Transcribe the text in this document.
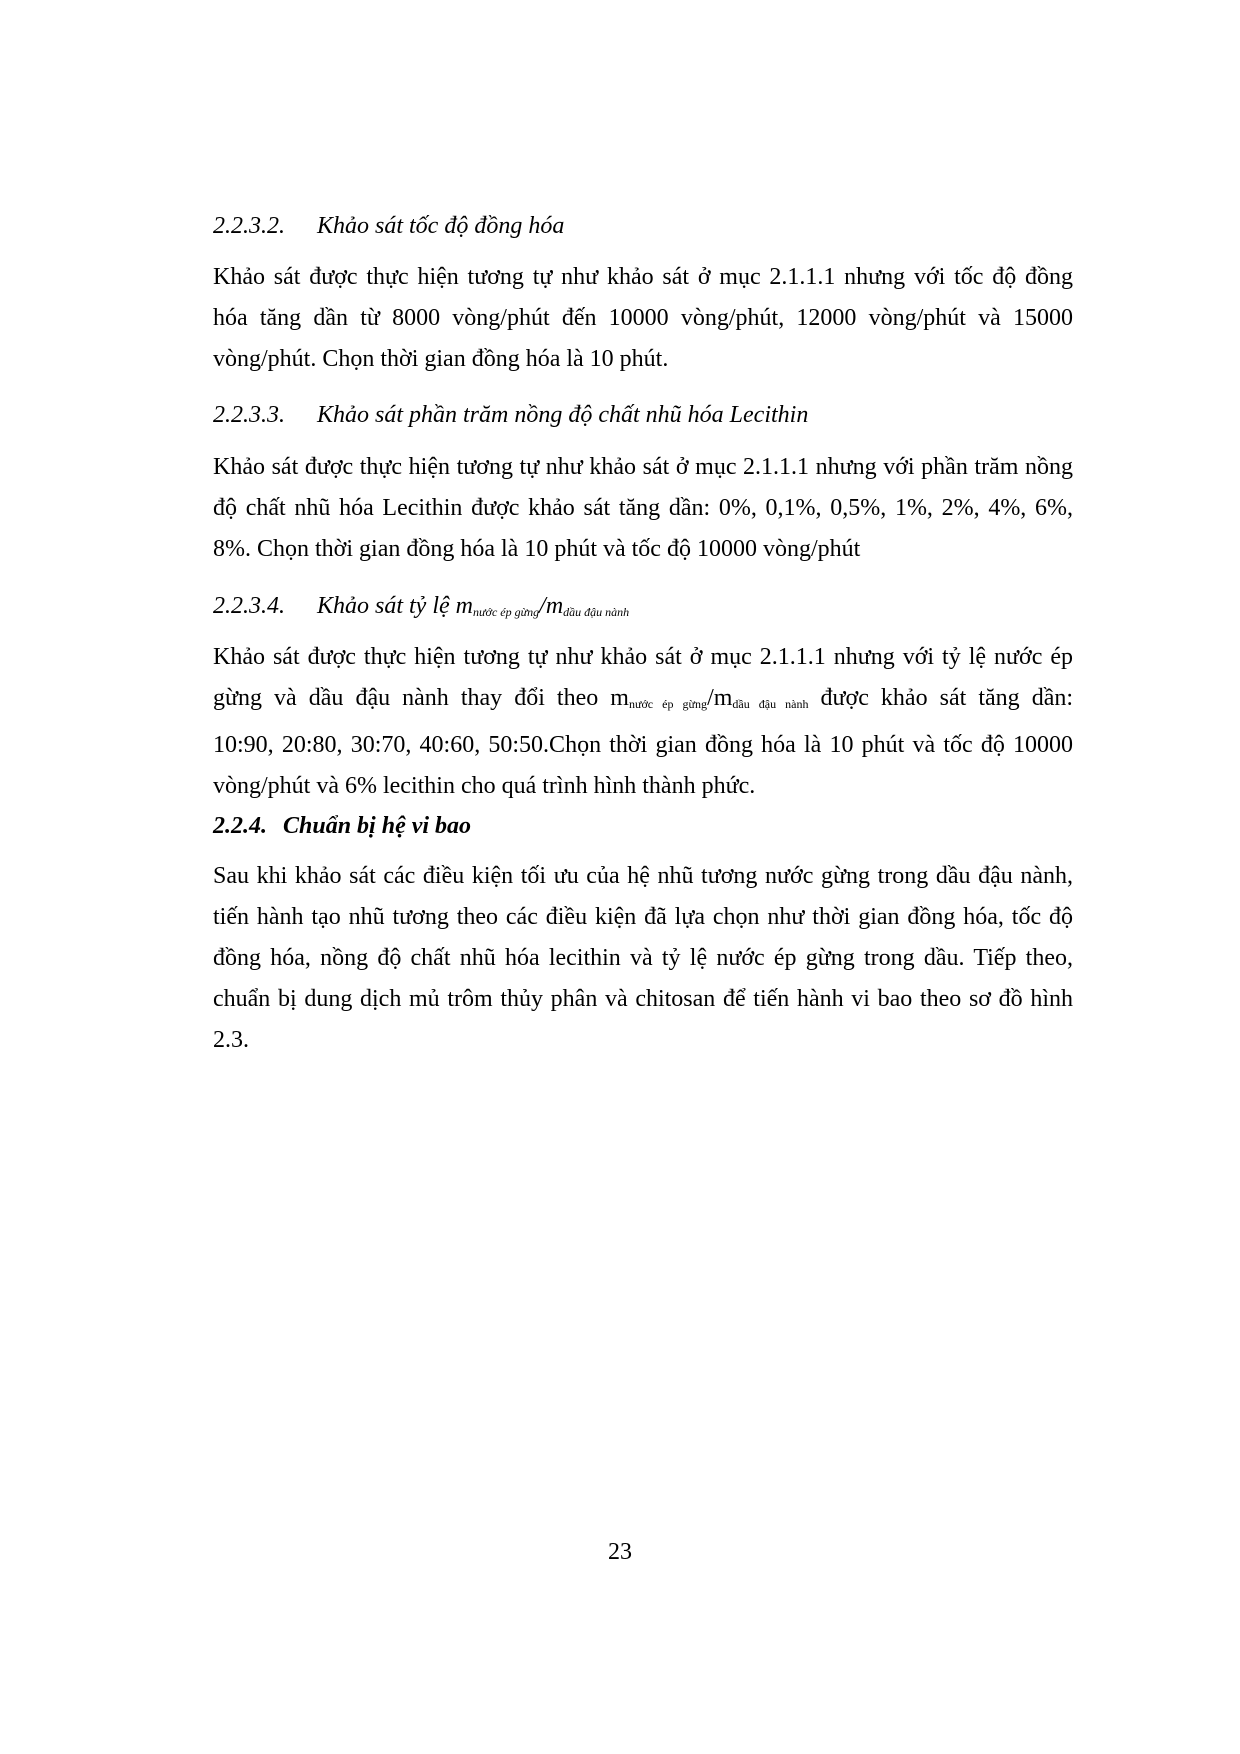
2.2.3.2. Khảo sát tốc độ đồng hóa
Khảo sát được thực hiện tương tự như khảo sát ở mục 2.1.1.1 nhưng với tốc độ đồng
hóa tăng dần từ 8000 vòng/phút đến 10000 vòng/phút, 12000 vòng/phút và 15000
vòng/phút. Chọn thời gian đồng hóa là 10 phút.
2.2.3.3. Khảo sát phần trăm nồng độ chất nhũ hóa Lecithin
Khảo sát được thực hiện tương tự như khảo sát ở mục 2.1.1.1 nhưng với phần trăm nồng
độ chất nhũ hóa Lecithin được khảo sát tăng dần: 0%, 0,1%, 0,5%, 1%, 2%, 4%, 6%,
8%. Chọn thời gian đồng hóa là 10 phút và tốc độ 10000 vòng/phút
2.2.3.4. Khảo sát tỷ lệ $m_{nước ép gừng}/m_{dầu đậu nành}$
Khảo sát được thực hiện tương tự như khảo sát ở mục 2.1.1.1 nhưng với tỷ lệ nước ép
gừng và dầu đậu nành thay đổi theo $m_{nước ép gừng}/m_{dầu đậu nành}$ được khảo sát tăng dần:
10:90, 20:80, 30:70, 40:60, 50:50.Chọn thời gian đồng hóa là 10 phút và tốc độ 10000
vòng/phút và 6% lecithin cho quá trình hình thành phức.
2.2.4. Chuẩn bị hệ vi bao
Sau khi khảo sát các điều kiện tối ưu của hệ nhũ tương nước gừng trong dầu đậu nành,
tiến hành tạo nhũ tương theo các điều kiện đã lựa chọn như thời gian đồng hóa, tốc độ
đồng hóa, nồng độ chất nhũ hóa lecithin và tỷ lệ nước ép gừng trong dầu. Tiếp theo,
chuẩn bị dung dịch mủ trôm thủy phân và chitosan để tiến hành vi bao theo sơ đồ hình
2.3.
23
